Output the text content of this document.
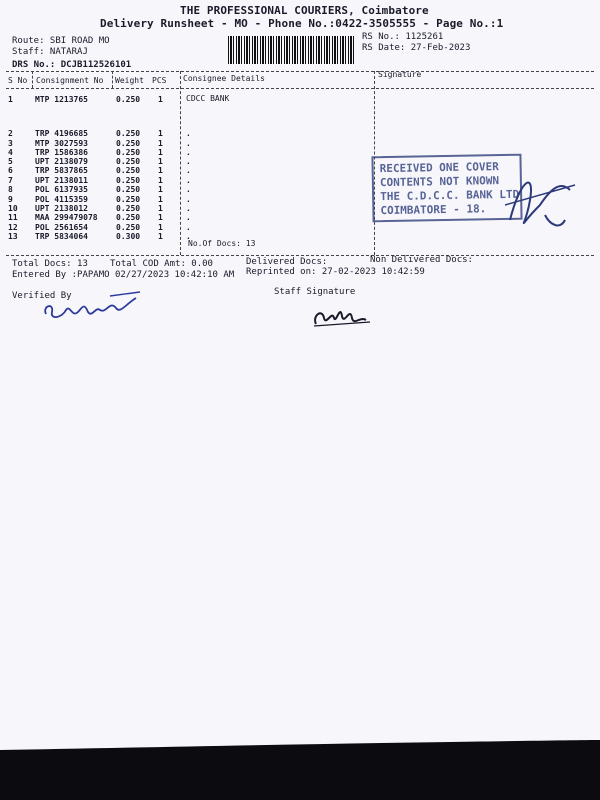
THE PROFESSIONAL COURIERS, Coimbatore
Delivery Runsheet - MO - Phone No.:0422-3505555 - Page No.:1
Route: SBI ROAD MO
Staff: NATARAJ
DRS No.: DCJB112526101
RS No.: 1125261
RS Date: 27-Feb-2023
S No Consignment No Weight PCS Consignee Details	Signature
1	MTP 1213765	0.250 1	CDCC BANK
2	TRP 4196685	0.250 1	.
3	MTP 3027593	0.250 1	.
4	TRP 1586386	0.250 1	.
5	UPT 2138079	0.250 1	.
6	TRP 5837865	0.250 1	.
7	UPT 2138011	0.250 1	.
8	POL 6137935	0.250 1	.
9	POL 4115359	0.250 1	.
10 UPT 2138012	0.250 1	.
11 MAA 299479078 0.250 1	.
12 POL 2561654	0.250 1	.
13 TRP 5834064	0.300 1	.
No.Of Docs: 13
RECEIVED ONE COVER
CONTENTS NOT KNOWN
THE C.D.C.C. BANK LTD
COIMBATORE - 18.
Total Docs: 13 Total COD Amt: 0.00	Delivered Docs:	Non Delivered Docs:
Entered By :PAPAMO 02/27/2023 10:42:10 AM Reprinted on: 27-02-2023 10:42:59
Verified By	Staff Signature
